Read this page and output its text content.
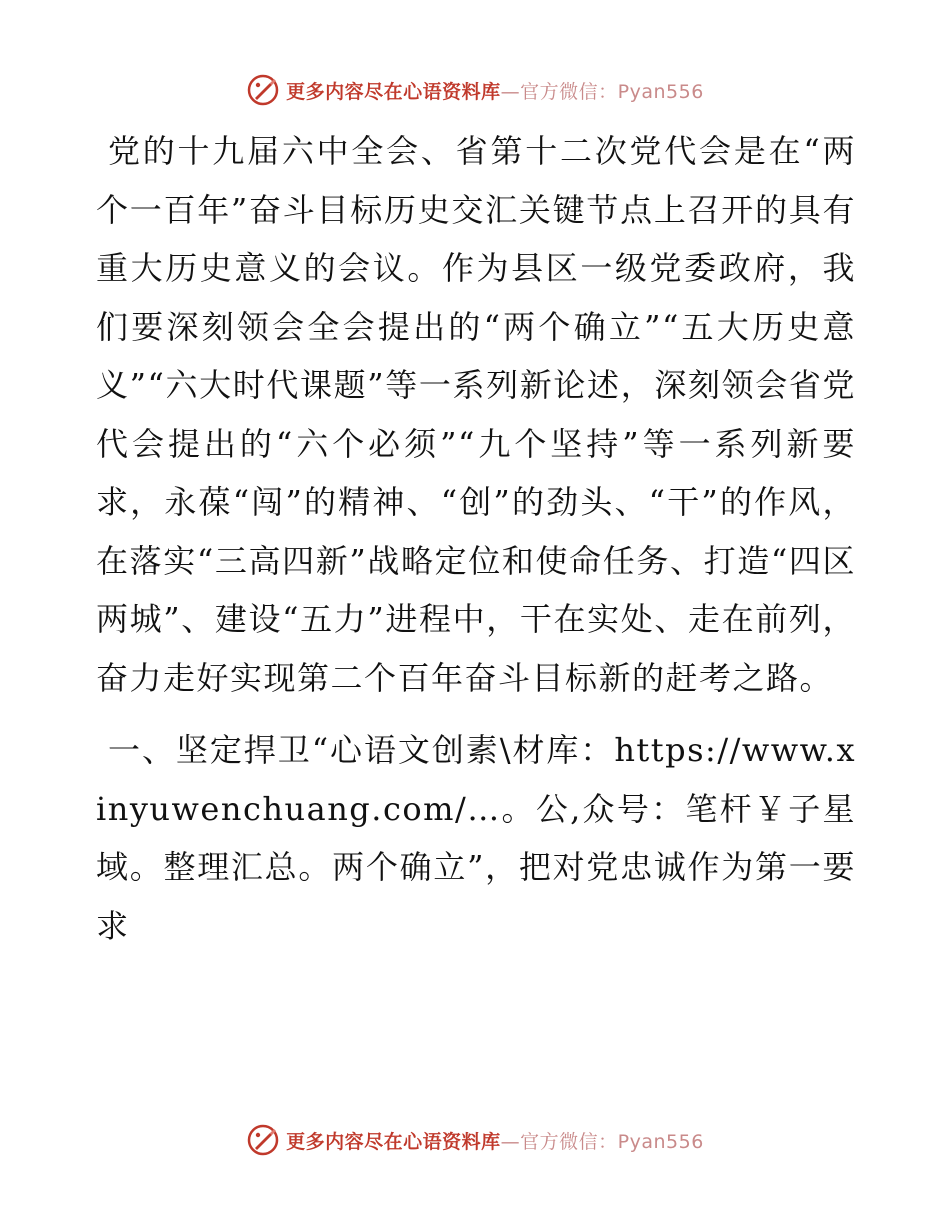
更多内容尽在心语资料库—官方微信：Pyan556

党的十九届六中全会、省第十二次党代会是在“两个一百年”奋斗目标历史交汇关键节点上召开的具有重大历史意义的会议。作为县区一级党委政府，我们要深刻领会全会提出的“两个确立”“五大历史意义”“六大时代课题”等一系列新论述，深刻领会省党代会提出的“六个必须”“九个坚持”等一系列新要求，永葆“闯”的精神、“创”的劲头、“干”的作风，在落实“三高四新”战略定位和使命任务、打造“四区两城”、建设“五力”进程中，干在实处、走在前列，奋力走好实现第二个百年奋斗目标新的赶考之路。

一、坚定捍卫“心语文创素\材库：https://www.xinyuwenchuang.com/…。公,众号：笔杆￥子星域。整理汇总。两个确立”，把对党忠诚作为第一要求

更多内容尽在心语资料库—官方微信：Pyan556
